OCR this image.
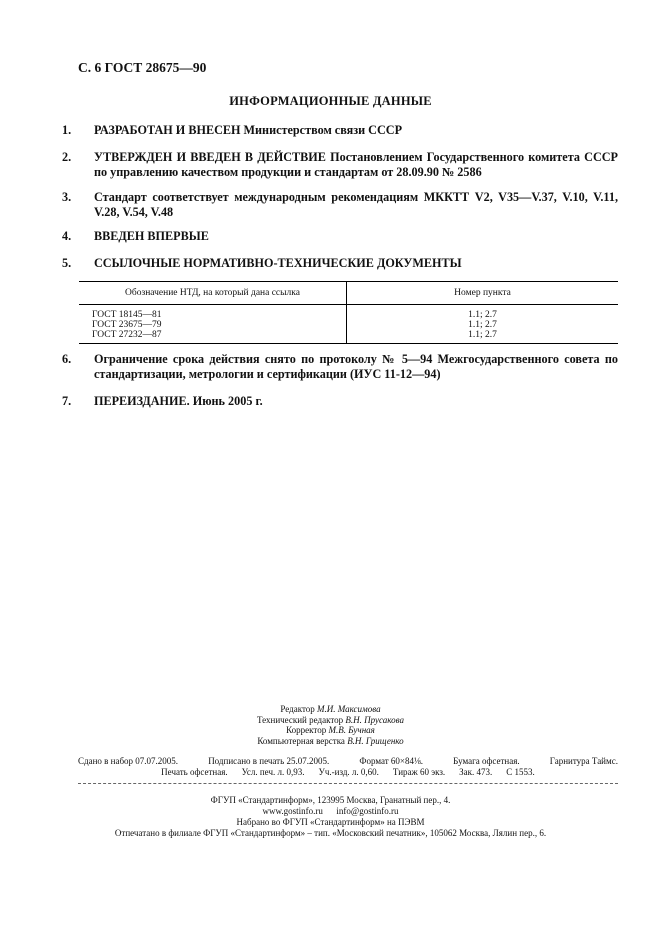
С. 6 ГОСТ 28675—90
ИНФОРМАЦИОННЫЕ ДАННЫЕ
1. РАЗРАБОТАН И ВНЕСЕН Министерством связи СССР
2. УТВЕРЖДЕН И ВВЕДЕН В ДЕЙСТВИЕ Постановлением Государственного комитета СССР по управлению качеством продукции и стандартам от 28.09.90 № 2586
3. Стандарт соответствует международным рекомендациям МККТТ V2, V35—V.37, V.10, V.11, V.28, V.54, V.48
4. ВВЕДЕН ВПЕРВЫЕ
5. ССЫЛОЧНЫЕ НОРМАТИВНО-ТЕХНИЧЕСКИЕ ДОКУМЕНТЫ
Обозначение НТД, на который дана ссылка	Номер пункта
ГОСТ 18145—81	1.1; 2.7
ГОСТ 23675—79	1.1; 2.7
ГОСТ 27232—87	1.1; 2.7
6. Ограничение срока действия снято по протоколу № 5—94 Межгосударственного совета по стандартизации, метрологии и сертификации (ИУС 11-12—94)
7. ПЕРЕИЗДАНИЕ. Июнь 2005 г.
Редактор М.И. Максимова
Технический редактор В.Н. Прусакова
Корректор М.В. Бучная
Компьютерная верстка В.Н. Грищенко
Сдано в набор 07.07.2005.	Подписано в печать 25.07.2005.	Формат 60×84⅛.	Бумага офсетная.	Гарнитура Таймс.
Печать офсетная. Усл. печ. л. 0,93. Уч.-изд. л. 0,60. Тираж 60 экз. Зак. 473. С 1553.
ФГУП «Стандартинформ», 123995 Москва, Гранатный пер., 4.
www.gostinfo.ru      info@gostinfo.ru
Набрано во ФГУП «Стандартинформ» на ПЭВМ
Отпечатано в филиале ФГУП «Стандартинформ» – тип. «Московский печатник», 105062 Москва, Лялин пер., 6.
